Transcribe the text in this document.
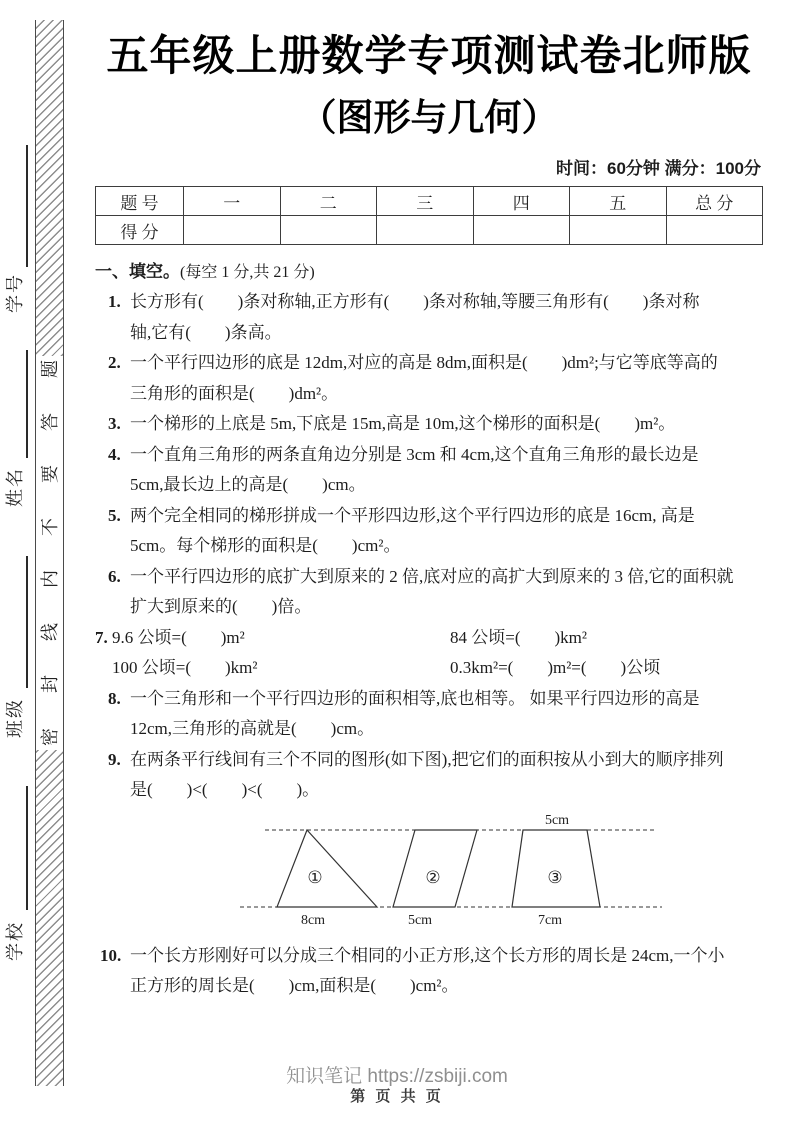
学号
姓名
班级
学校
题
答
要
不
内
线
封
密
五年级上册数学专项测试卷北师版
（图形与几何）
时间：60分钟 满分：100分
题 号	一	二	三	四	五	总 分
得 分						
一、填空。(每空 1 分,共 21 分)
1. 长方形有(　　)条对称轴,正方形有(　　)条对称轴,等腰三角形有(　　)条对称
轴,它有(　　)条高。
2. 一个平行四边形的底是 12dm,对应的高是 8dm,面积是(　　)dm²;与它等底等高的
三角形的面积是(　　)dm²。
3. 一个梯形的上底是 5m,下底是 15m,高是 10m,这个梯形的面积是(　　)m²。
4. 一个直角三角形的两条直角边分别是 3cm 和 4cm,这个直角三角形的最长边是
5cm,最长边上的高是(　　)cm。
5. 两个完全相同的梯形拼成一个平形四边形,这个平行四边形的底是 16cm, 高是
5cm。每个梯形的面积是(　　)cm²。
6. 一个平行四边形的底扩大到原来的 2 倍,底对应的高扩大到原来的 3 倍,它的面积就
扩大到原来的(　　)倍。
7. 9.6 公顷=(　　)m²	84 公顷=(　　)km²
100 公顷=(　　)km²	0.3km²=(　　)m²=(　　)公顷
8. 一个三角形和一个平行四边形的面积相等,底也相等。 如果平行四边形的高是
12cm,三角形的高就是(　　)cm。
9. 在两条平行线间有三个不同的图形(如下图),把它们的面积按从小到大的顺序排列
是(　　)<(　　)<(　　)。
①	②	③
8cm	5cm	7cm
5cm
10. 一个长方形刚好可以分成三个相同的小正方形,这个长方形的周长是 24cm,一个小
正方形的周长是(　　)cm,面积是(　　)cm²。
知识笔记 https://zsbiji.com
第 页 共 页
